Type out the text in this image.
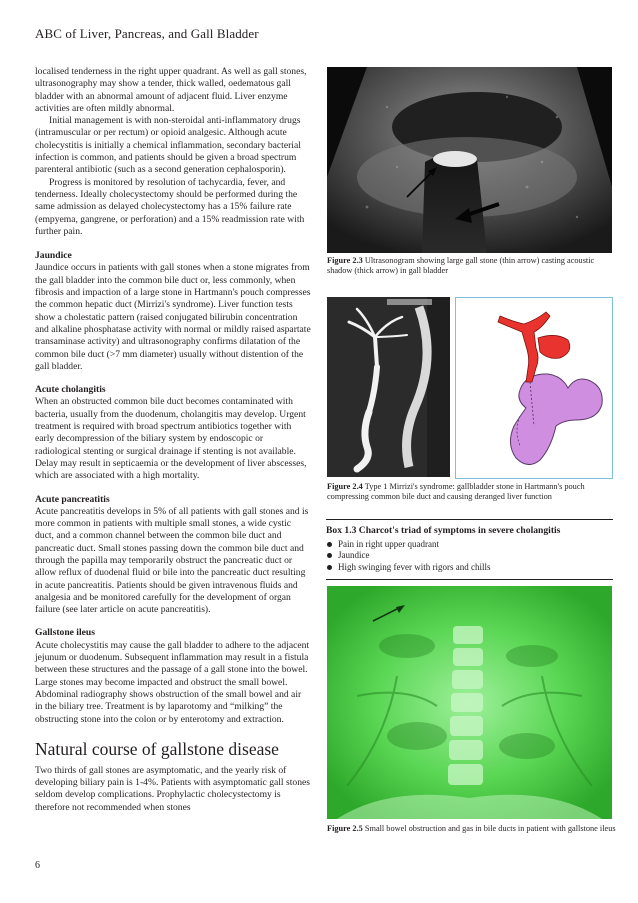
ABC of Liver, Pancreas, and Gall Bladder

localised tenderness in the right upper quadrant. As well as gall stones, ultrasonography may show a tender, thick walled, oedematous gall bladder with an abnormal amount of adjacent fluid. Liver enzyme activities are often mildly abnormal.

Initial management is with non-steroidal anti-inflammatory drugs (intramuscular or per rectum) or opioid analgesic. Although acute cholecystitis is initially a chemical inflammation, secondary bacterial infection is common, and patients should be given a broad spectrum parenteral antibiotic (such as a second generation cephalosporin).

Progress is monitored by resolution of tachycardia, fever, and tenderness. Ideally cholecystectomy should be performed during the same admission as delayed cholecystectomy has a 15% failure rate (empyema, gangrene, or perforation) and a 15% readmission rate with further pain.

Jaundice

Jaundice occurs in patients with gall stones when a stone migrates from the gall bladder into the common bile duct or, less commonly, when fibrosis and impaction of a large stone in Hartmann's pouch compresses the common hepatic duct (Mirrizi's syndrome). Liver function tests show a cholestatic pattern (raised conjugated bilirubin concentration and alkaline phosphatase activity with normal or mildly raised aspartate transaminase activity) and ultrasonography confirms dilatation of the common bile duct (>7 mm diameter) usually without distention of the gall bladder.

Acute cholangitis

When an obstructed common bile duct becomes contaminated with bacteria, usually from the duodenum, cholangitis may develop. Urgent treatment is required with broad spectrum antibiotics together with early decompression of the biliary system by endoscopic or radiological stenting or surgical drainage if stenting is not available. Delay may result in septicaemia or the development of liver abscesses, which are associated with a high mortality.

Acute pancreatitis

Acute pancreatitis develops in 5% of all patients with gall stones and is more common in patients with multiple small stones, a wide cystic duct, and a common channel between the common bile duct and pancreatic duct. Small stones passing down the common bile duct and through the papilla may temporarily obstruct the pancreatic duct or allow reflux of duodenal fluid or bile into the pancreatic duct resulting in acute pancreatitis. Patients should be given intravenous fluids and analgesia and be monitored carefully for the development of organ failure (see later article on acute pancreatitis).

Gallstone ileus

Acute cholecystitis may cause the gall bladder to adhere to the adjacent jejunum or duodenum. Subsequent inflammation may result in a fistula between these structures and the passage of a gall stone into the bowel. Large stones may become impacted and obstruct the small bowel. Abdominal radiography shows obstruction of the small bowel and air in the biliary tree. Treatment is by laparotomy and “milking” the obstructing stone into the colon or by enterotomy and extraction.

Natural course of gallstone disease

Two thirds of gall stones are asymptomatic, and the yearly risk of developing biliary pain is 1-4%. Patients with asymptomatic gall stones seldom develop complications. Prophylactic cholecystectomy is therefore not recommended when stones

6
Figure 2.3 Ultrasonogram showing large gall stone (thin arrow) casting acoustic shadow (thick arrow) in gall bladder
Figure 2.4 Type 1 Mirrizi's syndrome: gallbladder stone in Hartmann's pouch compressing common bile duct and causing deranged liver function
Box 1.3 Charcot's triad of symptoms in severe cholangitis
Pain in right upper quadrant
Jaundice
High swinging fever with rigors and chills
Figure 2.5 Small bowel obstruction and gas in bile ducts in patient with gallstone ileus
